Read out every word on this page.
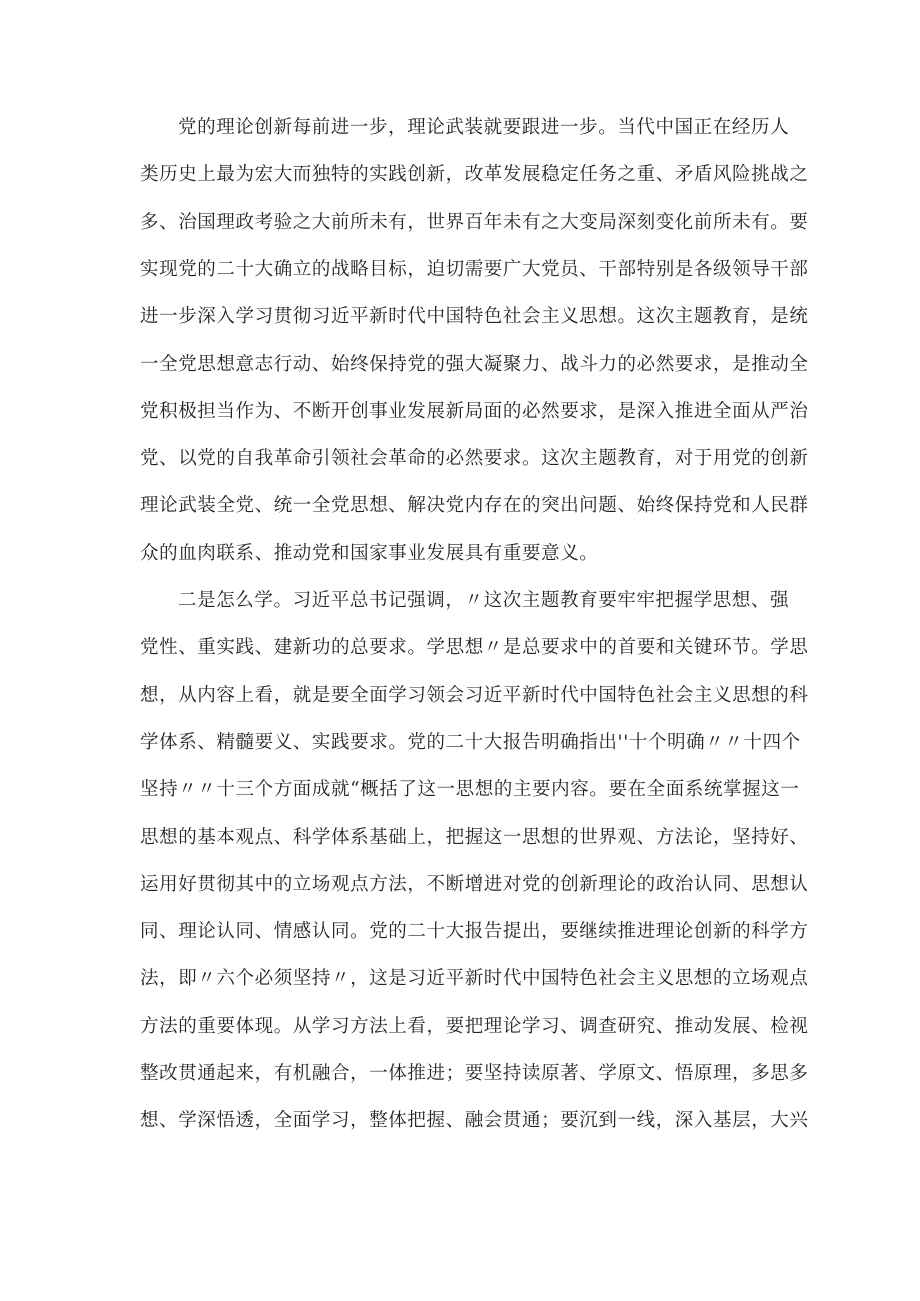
党的理论创新每前进一步，理论武装就要跟进一步。当代中国正在经历人
类历史上最为宏大而独特的实践创新，改革发展稳定任务之重、矛盾风险挑战之
多、治国理政考验之大前所未有，世界百年未有之大变局深刻变化前所未有。要
实现党的二十大确立的战略目标，迫切需要广大党员、干部特别是各级领导干部
进一步深入学习贯彻习近平新时代中国特色社会主义思想。这次主题教育，是统
一全党思想意志行动、始终保持党的强大凝聚力、战斗力的必然要求，是推动全
党积极担当作为、不断开创事业发展新局面的必然要求，是深入推进全面从严治
党、以党的自我革命引领社会革命的必然要求。这次主题教育，对于用党的创新
理论武装全党、统一全党思想、解决党内存在的突出问题、始终保持党和人民群
众的血肉联系、推动党和国家事业发展具有重要意义。
二是怎么学。习近平总书记强调，〃这次主题教育要牢牢把握学思想、强
党性、重实践、建新功的总要求。学思想〃是总要求中的首要和关键环节。学思
想，从内容上看，就是要全面学习领会习近平新时代中国特色社会主义思想的科
学体系、精髓要义、实践要求。党的二十大报告明确指出''十个明确〃〃十四个
坚持〃〃十三个方面成就“概括了这一思想的主要内容。要在全面系统掌握这一
思想的基本观点、科学体系基础上，把握这一思想的世界观、方法论，坚持好、
运用好贯彻其中的立场观点方法，不断增进对党的创新理论的政治认同、思想认
同、理论认同、情感认同。党的二十大报告提出，要继续推进理论创新的科学方
法，即〃六个必须坚持〃，这是习近平新时代中国特色社会主义思想的立场观点
方法的重要体现。从学习方法上看，要把理论学习、调查研究、推动发展、检视
整改贯通起来，有机融合，一体推进；要坚持读原著、学原文、悟原理，多思多
想、学深悟透，全面学习，整体把握、融会贯通；要沉到一线，深入基层，大兴
